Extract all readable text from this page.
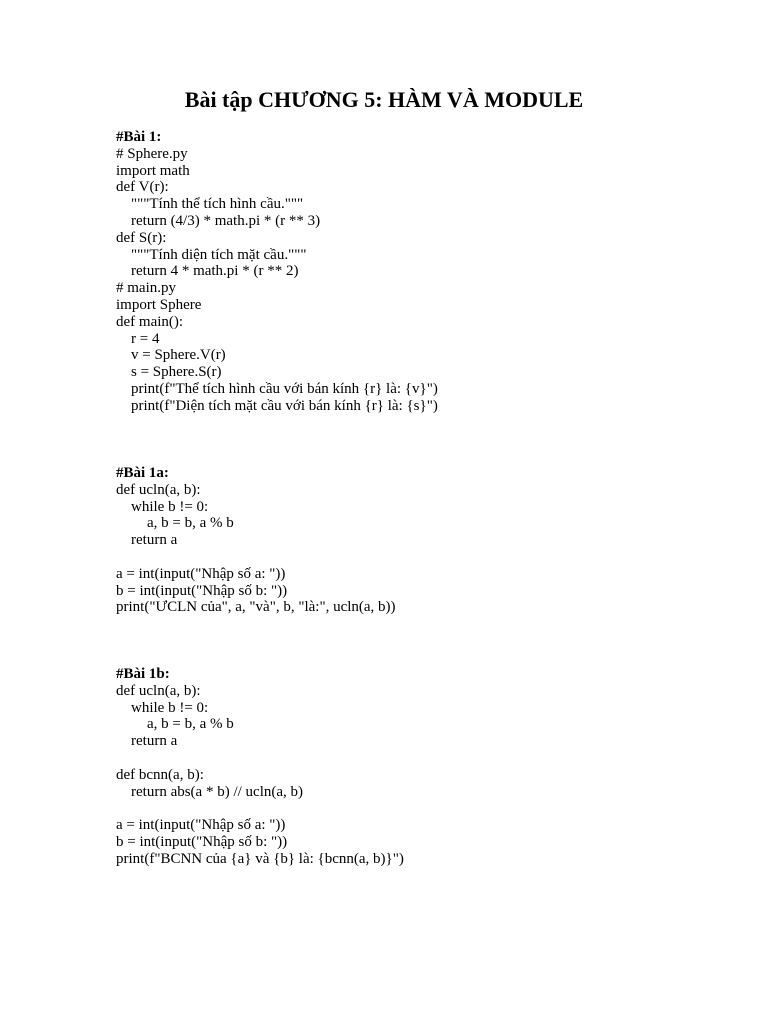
Bài tập CHƯƠNG 5: HÀM VÀ MODULE
#Bài 1:
# Sphere.py
import math
def V(r):
"""Tính thể tích hình cầu."""
return (4/3) * math.pi * (r ** 3)
def S(r):
"""Tính diện tích mặt cầu."""
return 4 * math.pi * (r ** 2)
# main.py
import Sphere
def main():
r = 4
v = Sphere.V(r)
s = Sphere.S(r)
print(f"Thể tích hình cầu với bán kính {r} là: {v}")
print(f"Diện tích mặt cầu với bán kính {r} là: {s}")
#Bài 1a:
def ucln(a, b):
while b != 0:
a, b = b, a % b
return a
a = int(input("Nhập số a: "))
b = int(input("Nhập số b: "))
print("ƯCLN của", a, "và", b, "là:", ucln(a, b))
#Bài 1b:
def ucln(a, b):
while b != 0:
a, b = b, a % b
return a
def bcnn(a, b):
return abs(a * b) // ucln(a, b)
a = int(input("Nhập số a: "))
b = int(input("Nhập số b: "))
print(f"BCNN của {a} và {b} là: {bcnn(a, b)}")
